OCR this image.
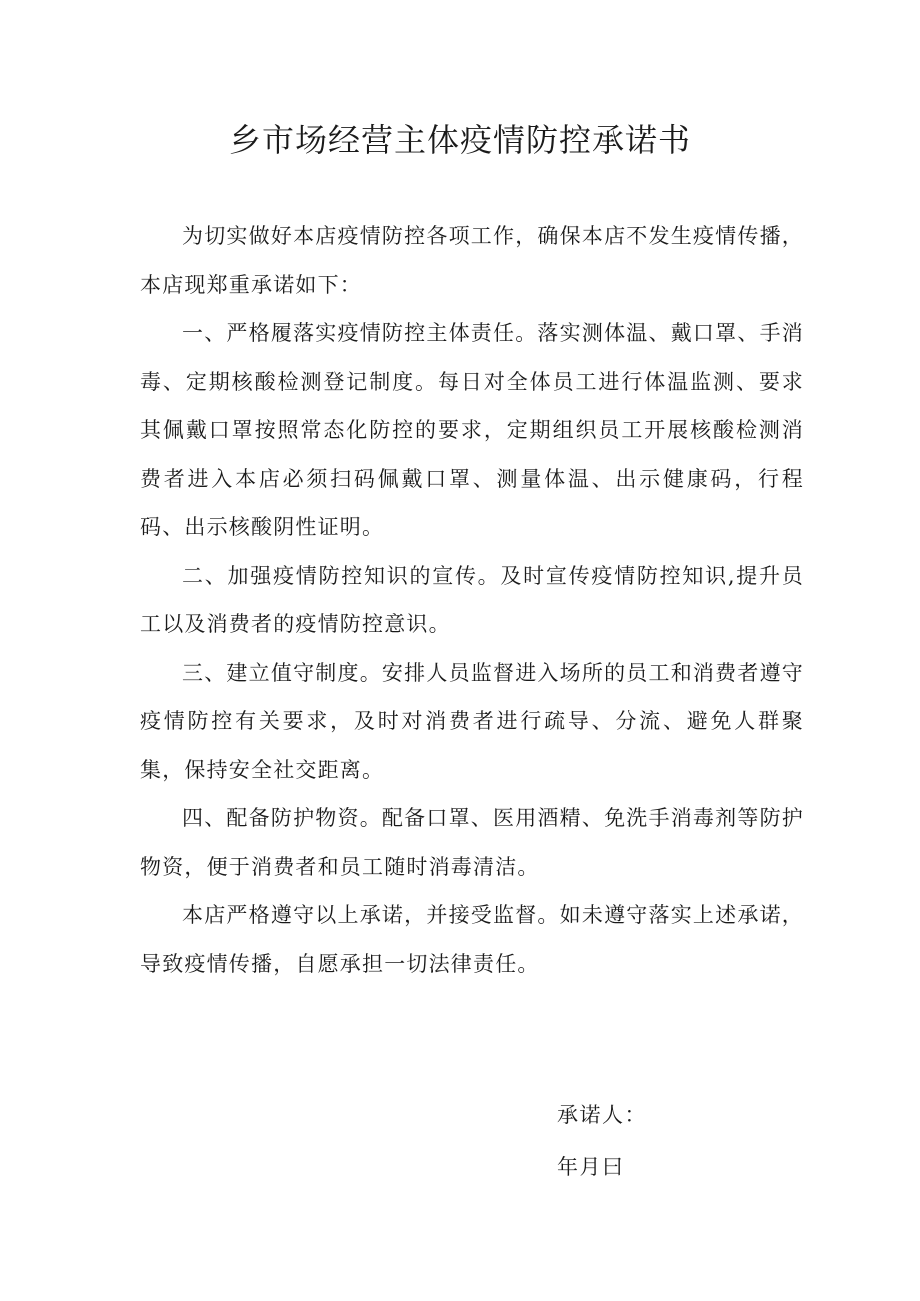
乡市场经营主体疫情防控承诺书

为切实做好本店疫情防控各项工作，确保本店不发生疫情传播，本店现郑重承诺如下：

一、严格履落实疫情防控主体责任。落实测体温、戴口罩、手消毒、定期核酸检测登记制度。每日对全体员工进行体温监测、要求其佩戴口罩按照常态化防控的要求，定期组织员工开展核酸检测消费者进入本店必须扫码佩戴口罩、测量体温、出示健康码，行程码、出示核酸阴性证明。

二、加强疫情防控知识的宣传。及时宣传疫情防控知识,提升员工以及消费者的疫情防控意识。

三、建立值守制度。安排人员监督进入场所的员工和消费者遵守疫情防控有关要求，及时对消费者进行疏导、分流、避免人群聚集，保持安全社交距离。

四、配备防护物资。配备口罩、医用酒精、免洗手消毒剂等防护物资，便于消费者和员工随时消毒清洁。

本店严格遵守以上承诺，并接受监督。如未遵守落实上述承诺，导致疫情传播，自愿承担一切法律责任。

承诺人：
年月曰
